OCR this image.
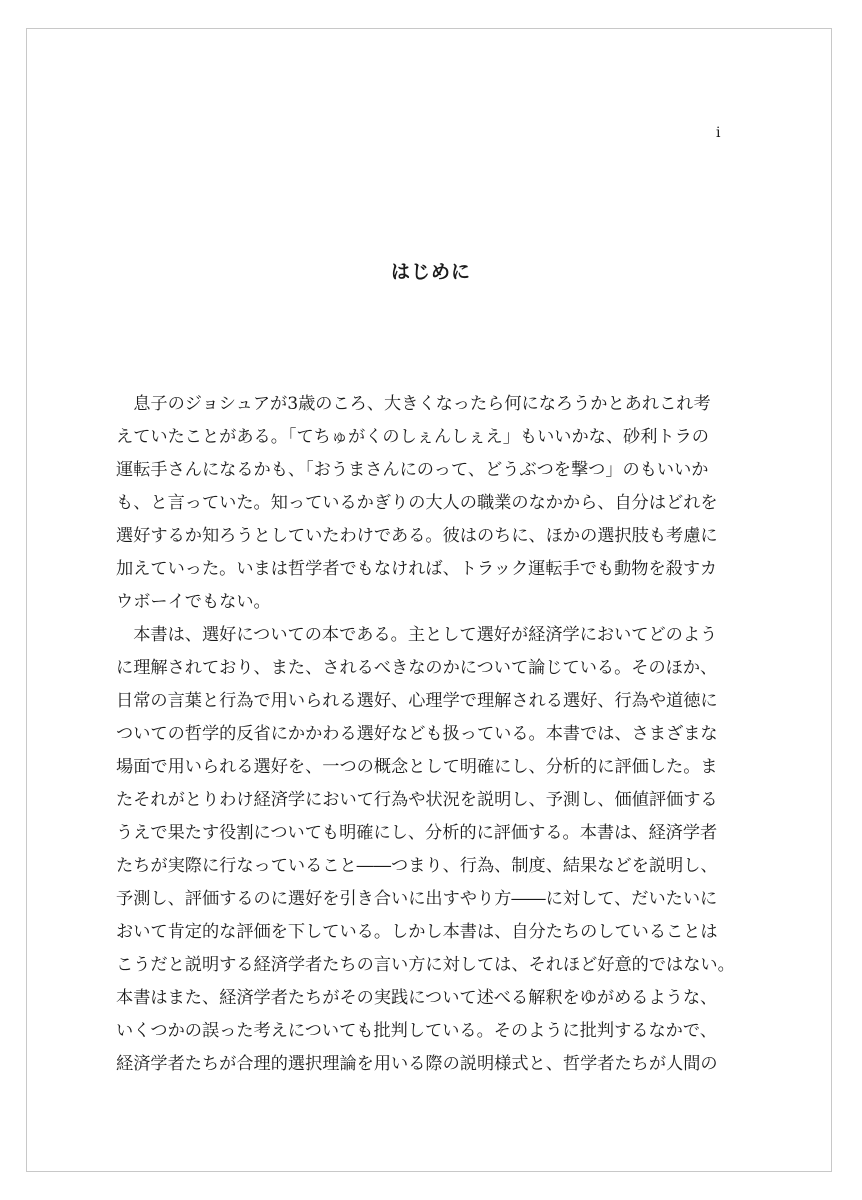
i
はじめに
　息子のジョシュアが3歳のころ、大きくなったら何になろうかとあれこれ考
えていたことがある。「てちゅがくのしぇんしぇえ」もいいかな、砂利トラの
運転手さんになるかも、「おうまさんにのって、どうぶつを撃つ」のもいいか
も、と言っていた。知っているかぎりの大人の職業のなかから、自分はどれを
選好するか知ろうとしていたわけである。彼はのちに、ほかの選択肢も考慮に
加えていった。いまは哲学者でもなければ、トラック運転手でも動物を殺すカ
ウボーイでもない。
　本書は、選好についての本である。主として選好が経済学においてどのよう
に理解されており、また、されるべきなのかについて論じている。そのほか、
日常の言葉と行為で用いられる選好、心理学で理解される選好、行為や道徳に
ついての哲学的反省にかかわる選好なども扱っている。本書では、さまざまな
場面で用いられる選好を、一つの概念として明確にし、分析的に評価した。ま
たそれがとりわけ経済学において行為や状況を説明し、予測し、価値評価する
うえで果たす役割についても明確にし、分析的に評価する。本書は、経済学者
たちが実際に行なっていること――つまり、行為、制度、結果などを説明し、
予測し、評価するのに選好を引き合いに出すやり方――に対して、だいたいに
おいて肯定的な評価を下している。しかし本書は、自分たちのしていることは
こうだと説明する経済学者たちの言い方に対しては、それほど好意的ではない。
本書はまた、経済学者たちがその実践について述べる解釈をゆがめるような、
いくつかの誤った考えについても批判している。そのように批判するなかで、
経済学者たちが合理的選択理論を用いる際の説明様式と、哲学者たちが人間の
